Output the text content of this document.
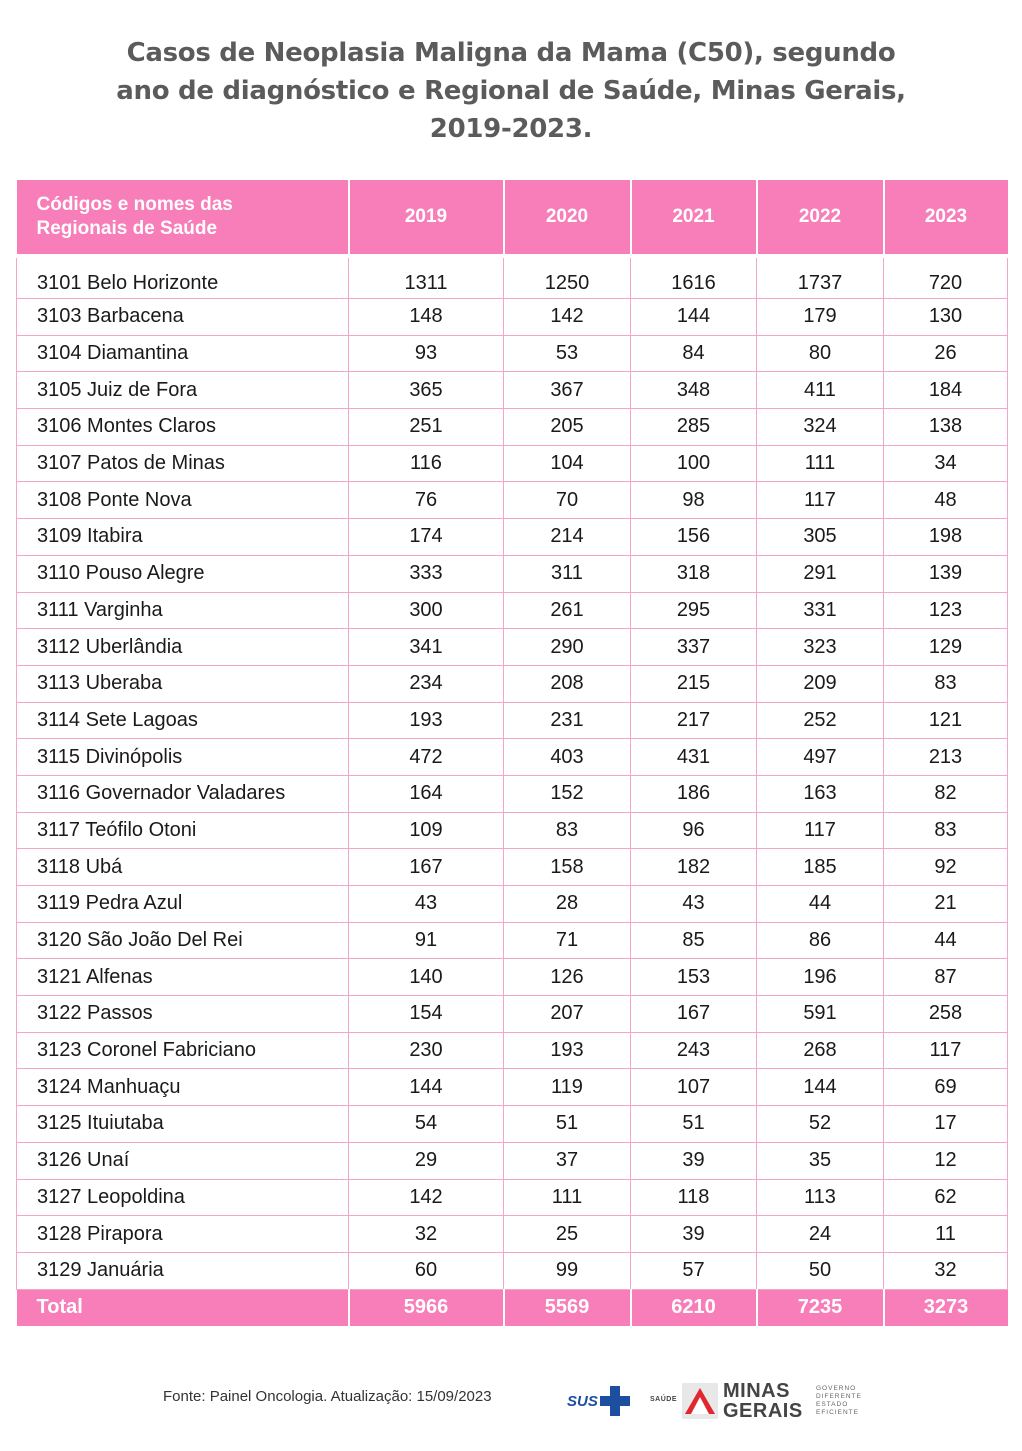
Casos de Neoplasia Maligna da Mama (C50), segundo
ano de diagnóstico e Regional de Saúde, Minas Gerais,
2019-2023.
Códigos e nomes das
Regionais de Saúde	2019	2020	2021	2022	2023
3101 Belo Horizonte	1311	1250	1616	1737	720
3103 Barbacena	148	142	144	179	130
3104 Diamantina	93	53	84	80	26
3105 Juiz de Fora	365	367	348	411	184
3106 Montes Claros	251	205	285	324	138
3107 Patos de Minas	116	104	100	111	34
3108 Ponte Nova	76	70	98	117	48
3109 Itabira	174	214	156	305	198
3110 Pouso Alegre	333	311	318	291	139
3111 Varginha	300	261	295	331	123
3112 Uberlândia	341	290	337	323	129
3113 Uberaba	234	208	215	209	83
3114 Sete Lagoas	193	231	217	252	121
3115 Divinópolis	472	403	431	497	213
3116 Governador Valadares	164	152	186	163	82
3117 Teófilo Otoni	109	83	96	117	83
3118 Ubá	167	158	182	185	92
3119 Pedra Azul	43	28	43	44	21
3120 São João Del Rei	91	71	85	86	44
3121 Alfenas	140	126	153	196	87
3122 Passos	154	207	167	591	258
3123 Coronel Fabriciano	230	193	243	268	117
3124 Manhuaçu	144	119	107	144	69
3125 Ituiutaba	54	51	51	52	17
3126 Unaí	29	37	39	35	12
3127 Leopoldina	142	111	118	113	62
3128 Pirapora	32	25	39	24	11
3129 Januária	60	99	57	50	32
Total	5966	5569	6210	7235	3273
Fonte: Painel Oncologia. Atualização: 15/09/2023	SUS	SAÚDE MINAS
GERAIS
GOVERNO
DIFERENTE
ESTADO
EFICIENTE
